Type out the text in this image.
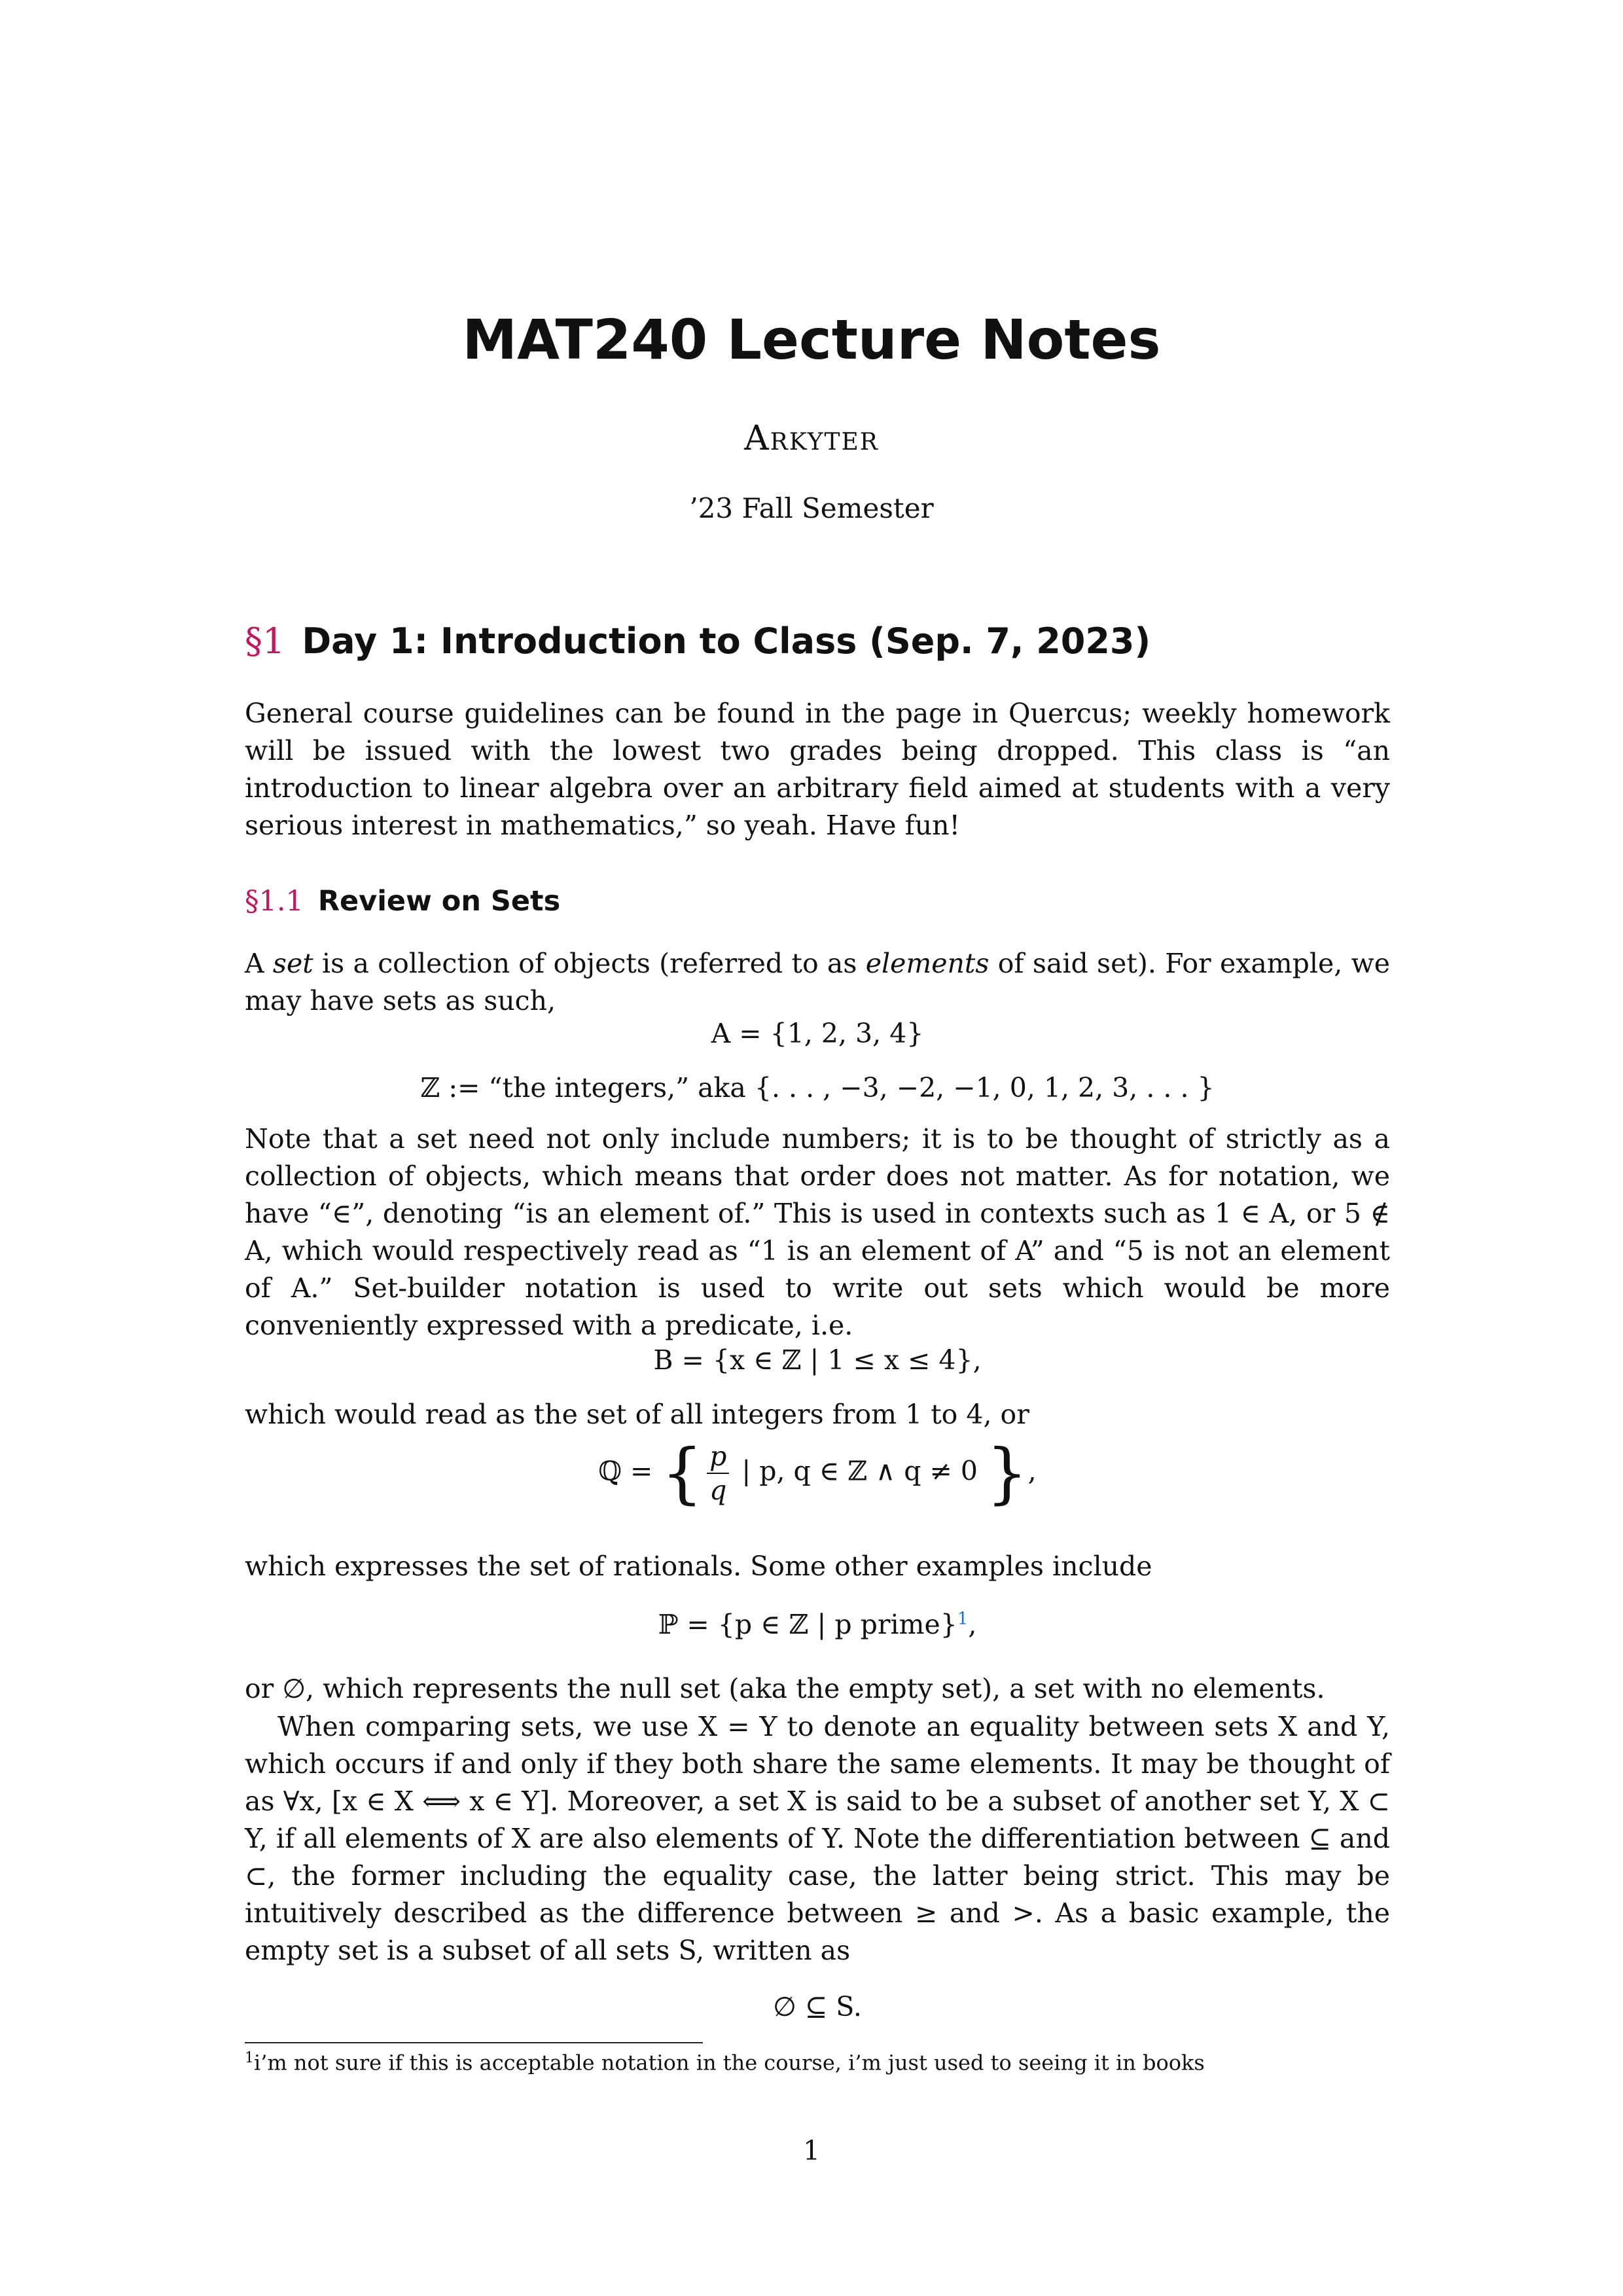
MAT240 Lecture Notes
Arkyter
’23 Fall Semester
§1 Day 1: Introduction to Class (Sep. 7, 2023)
General course guidelines can be found in the page in Quercus; weekly homework will be issued with the lowest two grades being dropped. This class is “an introduction to linear algebra over an arbitrary field aimed at students with a very serious interest in mathematics,” so yeah. Have fun!
§1.1 Review on Sets
A set is a collection of objects (referred to as elements of said set). For example, we may have sets as such,
A = {1, 2, 3, 4}
ℤ := “the integers,” aka {. . . , −3, −2, −1, 0, 1, 2, 3, . . . }
Note that a set need not only include numbers; it is to be thought of strictly as a collection of objects, which means that order does not matter. As for notation, we have “∈”, denoting “is an element of.” This is used in contexts such as 1 ∈ A, or 5 ∉ A, which would respectively read as “1 is an element of A” and “5 is not an element of A.” Set-builder notation is used to write out sets which would be more conveniently expressed with a predicate, i.e.
B = {x ∈ ℤ | 1 ≤ x ≤ 4},
which would read as the set of all integers from 1 to 4, or
ℚ = { $\frac{p}{q}$ | p, q ∈ ℤ ∧ q ≠ 0 },
which expresses the set of rationals. Some other examples include
ℙ = {p ∈ ℤ | p prime}$^1$,
or ∅, which represents the null set (aka the empty set), a set with no elements.
When comparing sets, we use X = Y to denote an equality between sets X and Y, which occurs if and only if they both share the same elements. It may be thought of as ∀x, [x ∈ X ⟺ x ∈ Y]. Moreover, a set X is said to be a subset of another set Y, X ⊂ Y, if all elements of X are also elements of Y. Note the differentiation between ⊆ and ⊂, the former including the equality case, the latter being strict. This may be intuitively described as the difference between ≥ and >. As a basic example, the empty set is a subset of all sets S, written as
∅ ⊆ S.
$^1$i’m not sure if this is acceptable notation in the course, i’m just used to seeing it in books
1
